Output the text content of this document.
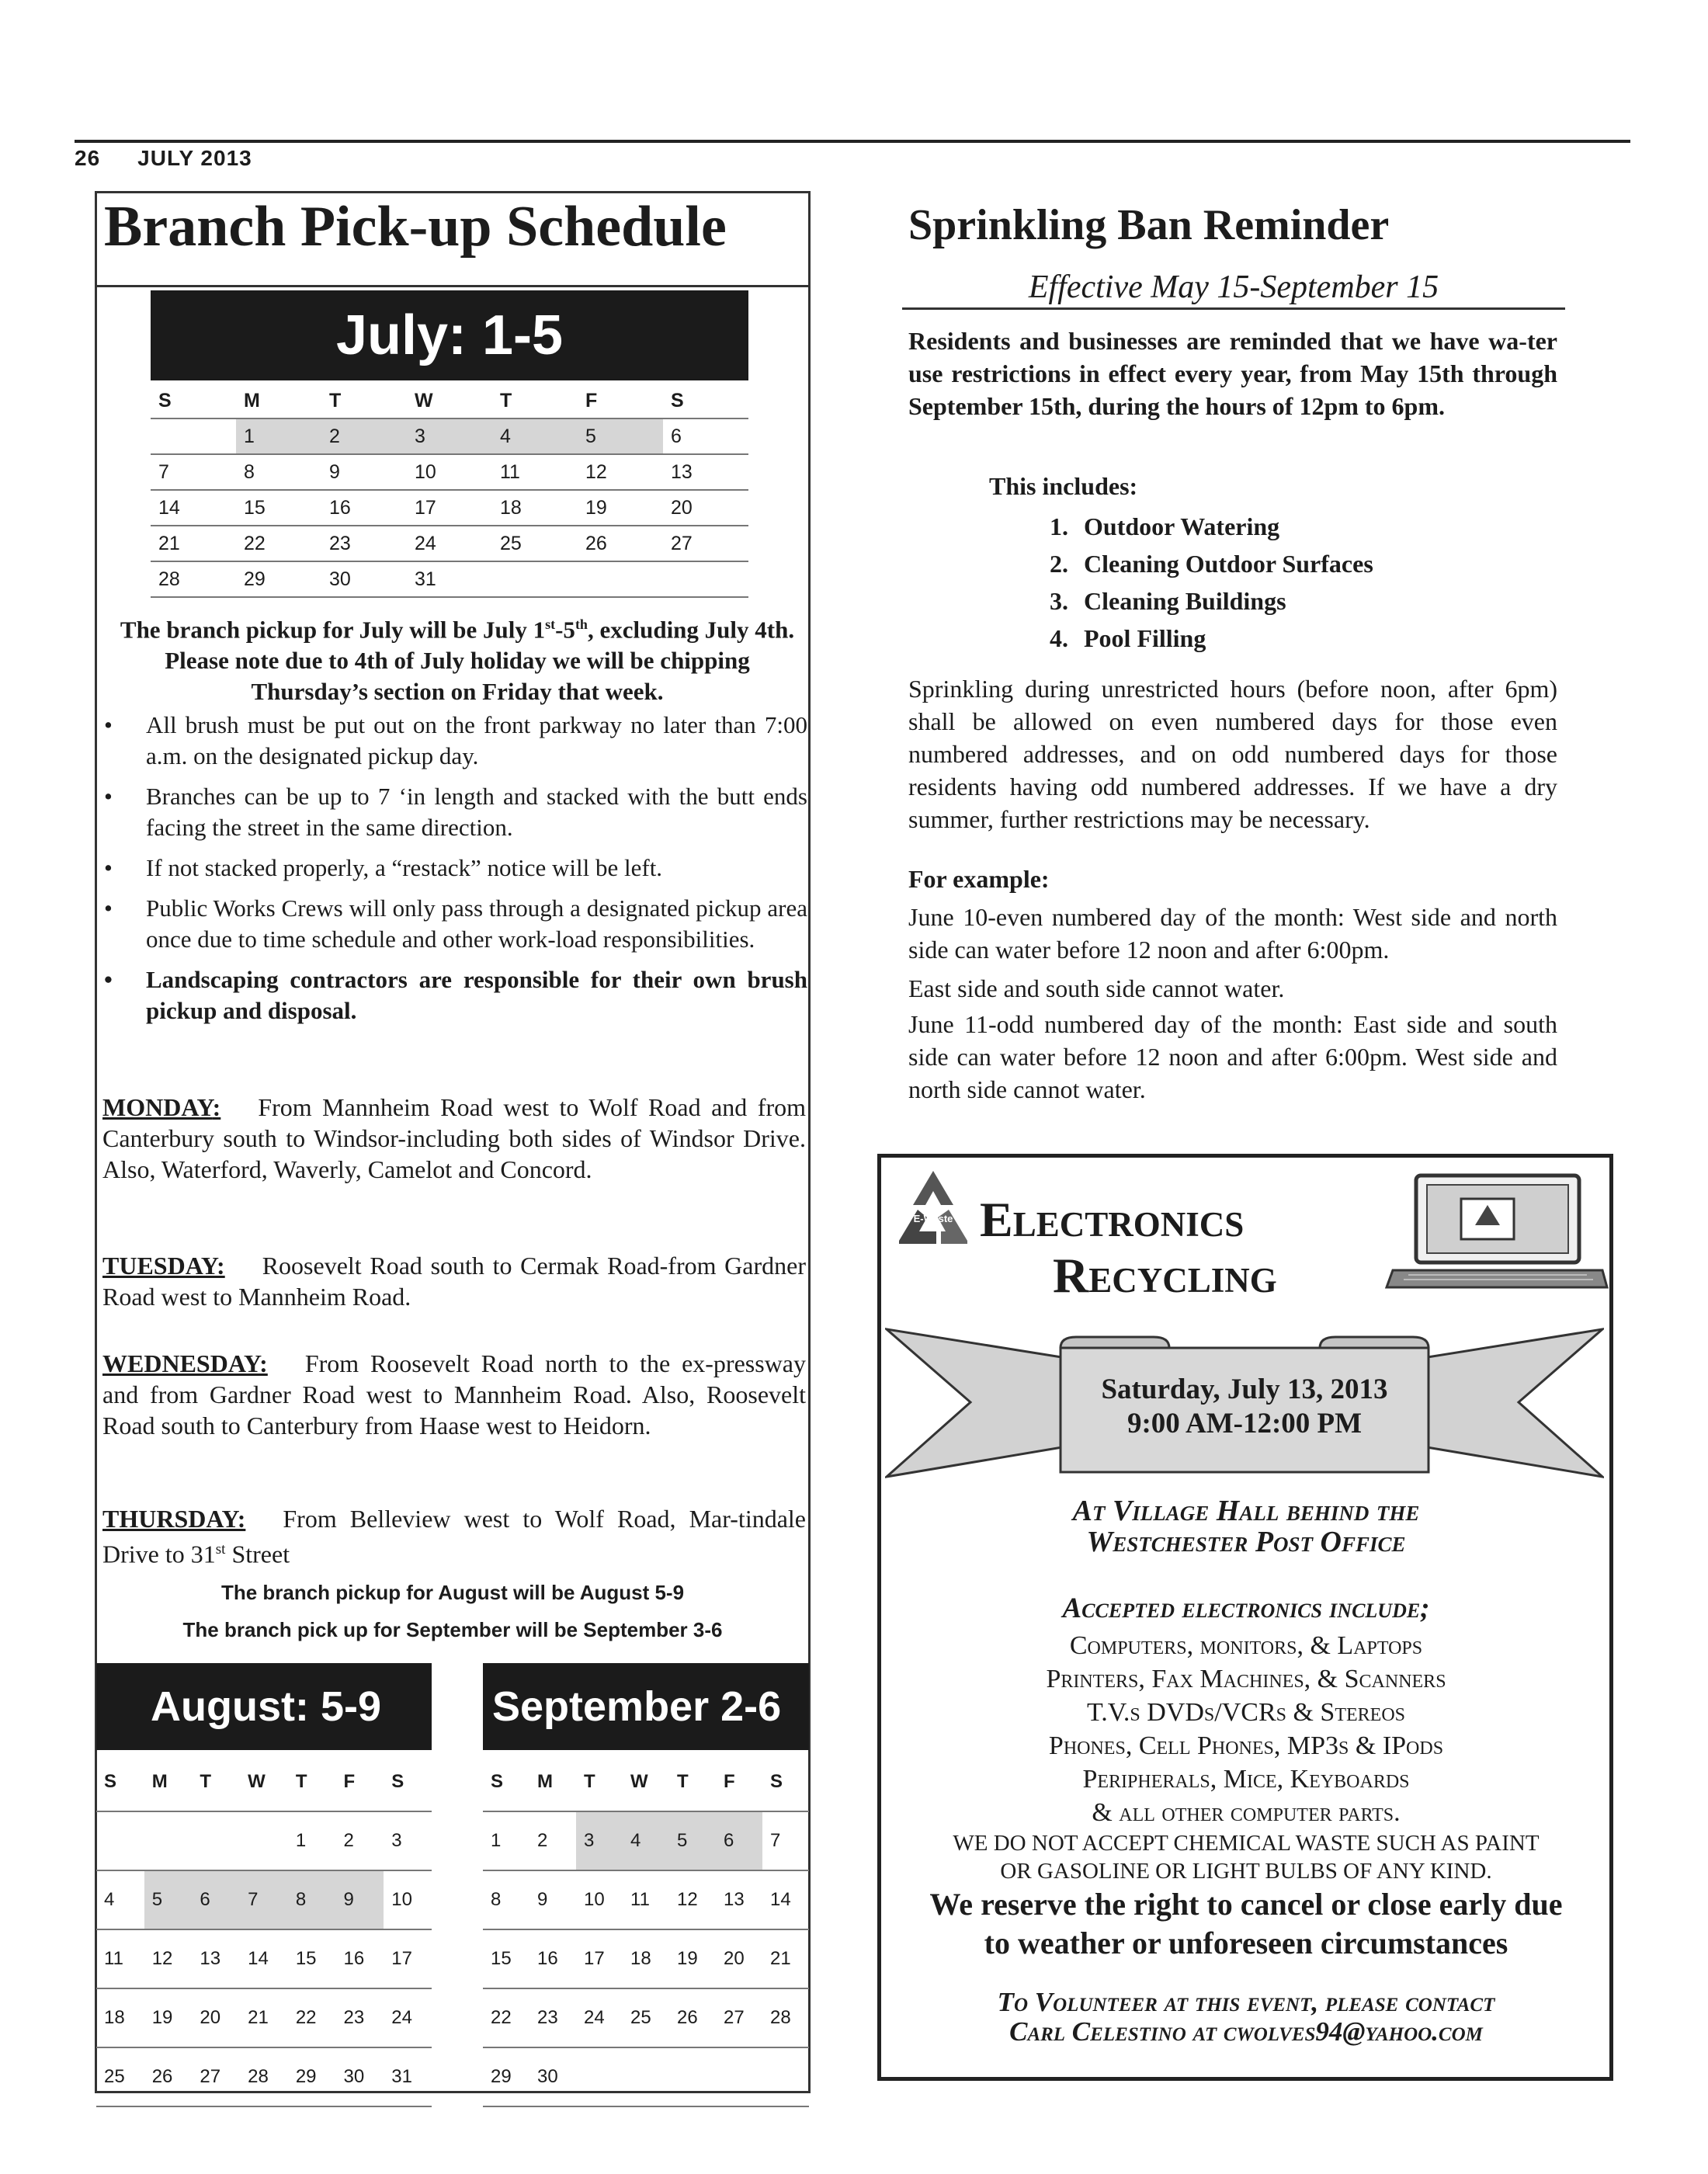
26 JULY 2013
Branch Pick-up Schedule
July: 1-5
S	M	T	W	T	F	S
	1	2	3	4	5	6
7	8	9	10	11	12	13
14	15	16	17	18	19	20
21	22	23	24	25	26	27
28	29	30	31			
The branch pickup for July will be July 1st-5th, excluding July 4th. Please note due to 4th of July holiday we will be chipping Thursday’s section on Friday that week.
• All brush must be put out on the front parkway no later than 7:00 a.m. on the designated pickup day.
• Branches can be up to 7 ‘in length and stacked with the butt ends facing the street in the same direction.
• If not stacked properly, a “restack” notice will be left.
• Public Works Crews will only pass through a designated pickup area once due to time schedule and other work-load responsibilities.
• Landscaping contractors are responsible for their own brush pickup and disposal.
MONDAY: From Mannheim Road west to Wolf Road and from Canterbury south to Windsor-including both sides of Windsor Drive. Also, Waterford, Waverly, Camelot and Concord.
TUESDAY: Roosevelt Road south to Cermak Road-from Gardner Road west to Mannheim Road.
WEDNESDAY: From Roosevelt Road north to the ex-pressway and from Gardner Road west to Mannheim Road. Also, Roosevelt Road south to Canterbury from Haase west to Heidorn.
THURSDAY: From Belleview west to Wolf Road, Mar-tindale Drive to 31st Street
The branch pickup for August will be August 5-9
The branch pick up for September will be September 3-6
August: 5-9	September 2-6
S	M	T	W	T	F	S
				1	2	3
4	5	6	7	8	9	10
11	12	13	14	15	16	17
18	19	20	21	22	23	24
25	26	27	28	29	30	31
S	M	T	W	T	F	S
1	2	3	4	5	6	7
8	9	10	11	12	13	14
15	16	17	18	19	20	21
22	23	24	25	26	27	28
29	30					
Sprinkling Ban Reminder
Effective May 15-September 15
Residents and businesses are reminded that we have wa-ter use restrictions in effect every year, from May 15th through September 15th, during the hours of 12pm to 6pm.
This includes:
1. Outdoor Watering
2. Cleaning Outdoor Surfaces
3. Cleaning Buildings
4. Pool Filling
Sprinkling during unrestricted hours (before noon, after 6pm) shall be allowed on even numbered days for those even numbered addresses, and on odd numbered days for those residents having odd numbered addresses. If we have a dry summer, further restrictions may be necessary.
For example:
June 10-even numbered day of the month: West side and north side can water before 12 noon and after 6:00pm.
East side and south side cannot water.
June 11-odd numbered day of the month: East side and south side can water before 12 noon and after 6:00pm. West side and north side cannot water.
E-Waste Electronics
Recycling
Saturday, July 13, 2013
9:00 AM-12:00 PM
At Village Hall behind the
Westchester Post Office
Accepted electronics include;
Computers, monitors, & Laptops
Printers, Fax Machines, & Scanners
T.V.s DVDs/VCRs & Stereos
Phones, Cell Phones, MP3s & IPods
Peripherals, Mice, Keyboards
& all other computer parts.
WE DO NOT ACCEPT CHEMICAL WASTE SUCH AS PAINT
OR GASOLINE OR LIGHT BULBS OF ANY KIND.
We reserve the right to cancel or close early due
to weather or unforeseen circumstances
To Volunteer at this event, please contact
Carl Celestino at cwolves94@yahoo.com
